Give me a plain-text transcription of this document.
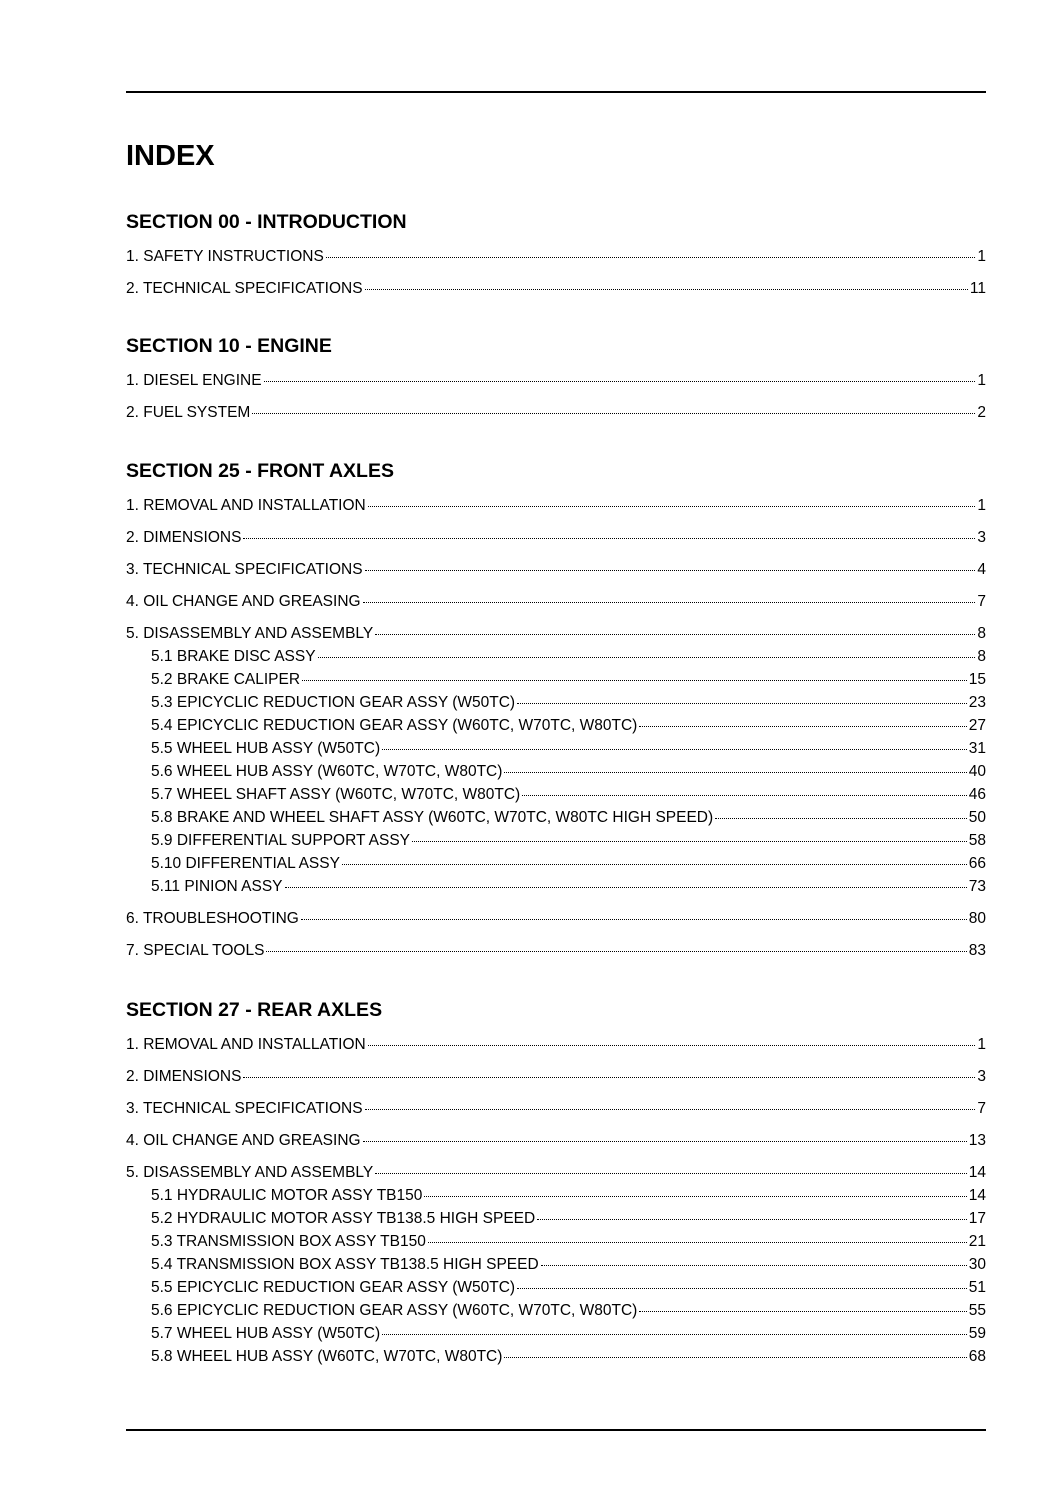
INDEX
SECTION 00 - INTRODUCTION
1. SAFETY INSTRUCTIONS	1
2. TECHNICAL SPECIFICATIONS	11
SECTION 10 - ENGINE
1. DIESEL ENGINE	1
2. FUEL SYSTEM	2
SECTION 25 - FRONT AXLES
1. REMOVAL AND INSTALLATION	1
2. DIMENSIONS	3
3. TECHNICAL SPECIFICATIONS	4
4. OIL CHANGE AND GREASING	7
5. DISASSEMBLY AND ASSEMBLY	8
5.1 BRAKE DISC ASSY	8
5.2 BRAKE CALIPER	15
5.3 EPICYCLIC REDUCTION GEAR ASSY (W50TC)	23
5.4 EPICYCLIC REDUCTION GEAR ASSY (W60TC, W70TC, W80TC)	27
5.5 WHEEL HUB ASSY (W50TC)	31
5.6 WHEEL HUB ASSY (W60TC, W70TC, W80TC)	40
5.7 WHEEL SHAFT ASSY (W60TC, W70TC, W80TC)	46
5.8 BRAKE AND WHEEL SHAFT ASSY (W60TC, W70TC, W80TC HIGH SPEED)	50
5.9 DIFFERENTIAL SUPPORT ASSY	58
5.10 DIFFERENTIAL ASSY	66
5.11 PINION ASSY	73
6. TROUBLESHOOTING	80
7. SPECIAL TOOLS	83
SECTION 27 - REAR AXLES
1. REMOVAL AND INSTALLATION	1
2. DIMENSIONS	3
3. TECHNICAL SPECIFICATIONS	7
4. OIL CHANGE AND GREASING	13
5. DISASSEMBLY AND ASSEMBLY	14
5.1 HYDRAULIC MOTOR ASSY TB150	14
5.2 HYDRAULIC MOTOR ASSY TB138.5 HIGH SPEED	17
5.3 TRANSMISSION BOX ASSY TB150	21
5.4 TRANSMISSION BOX ASSY TB138.5 HIGH SPEED	30
5.5 EPICYCLIC REDUCTION GEAR ASSY (W50TC)	51
5.6 EPICYCLIC REDUCTION GEAR ASSY (W60TC, W70TC, W80TC)	55
5.7 WHEEL HUB ASSY (W50TC)	59
5.8 WHEEL HUB ASSY (W60TC, W70TC, W80TC)	68
